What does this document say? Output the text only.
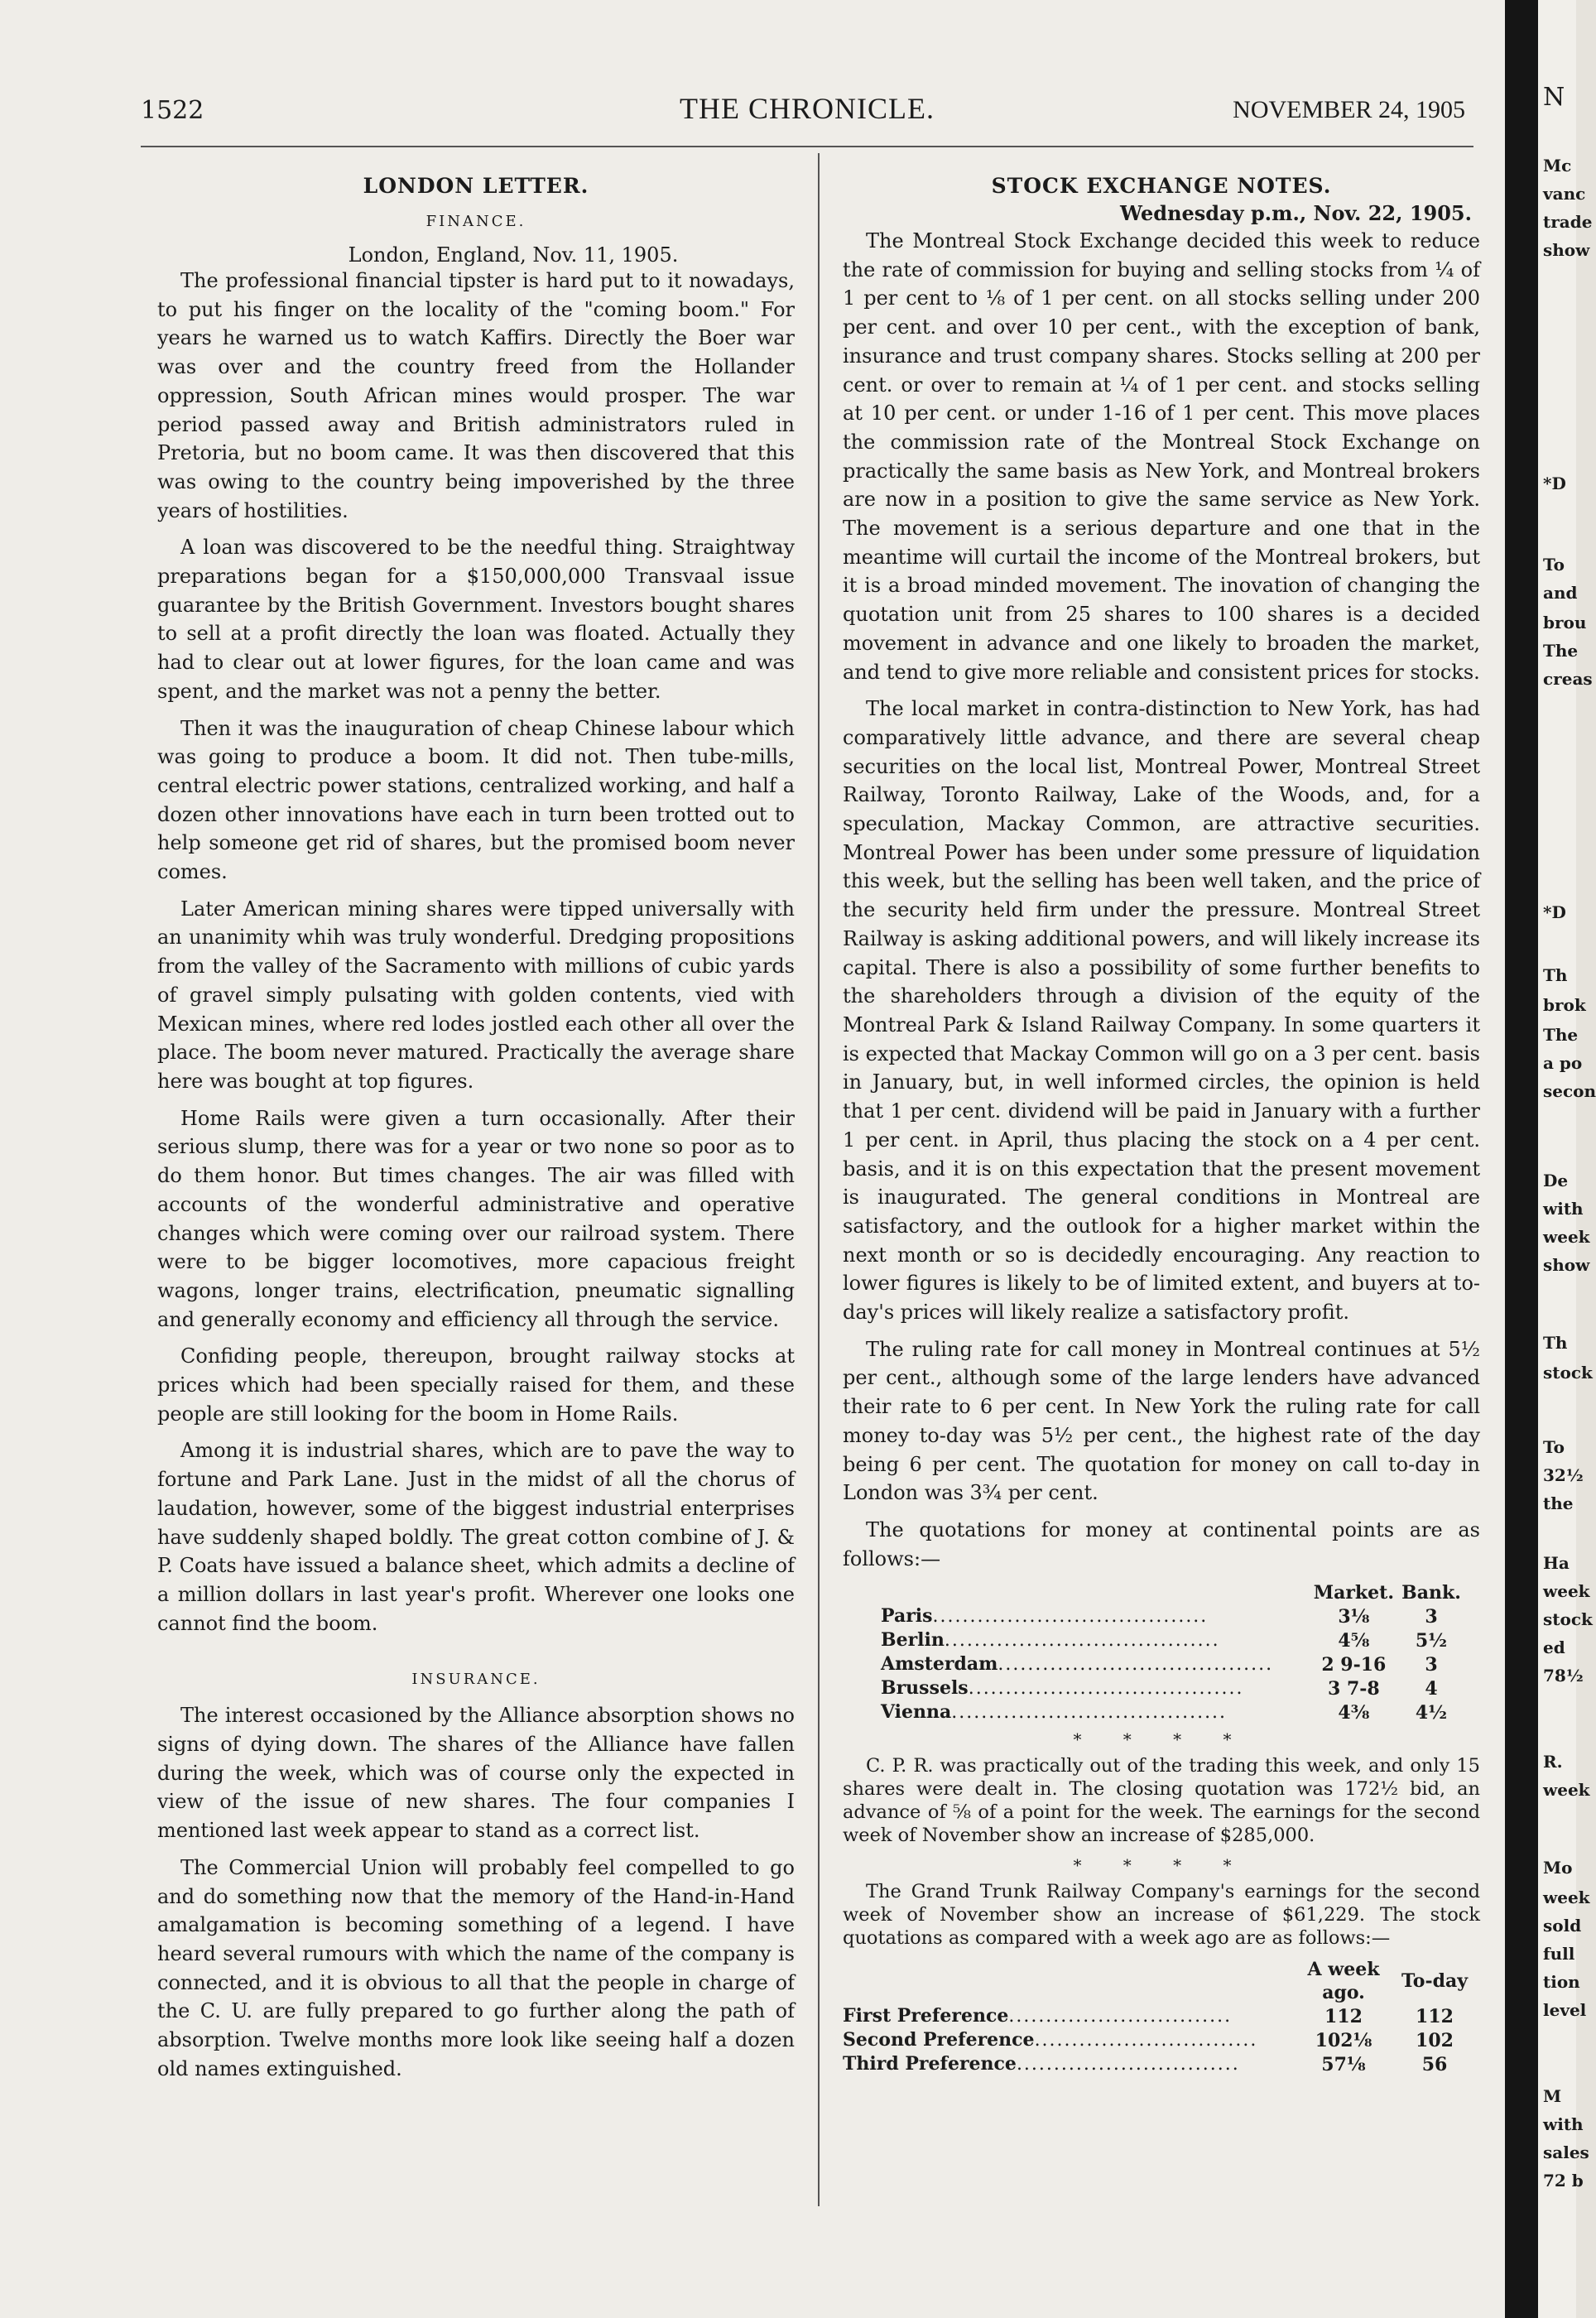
1522	THE CHRONICLE.	NOVEMBER 24, 1905
LONDON LETTER.
FINANCE.
London, England, Nov. 11, 1905.

The professional financial tipster is hard put to it nowadays, to put his finger on the locality of the "coming boom." For years he warned us to watch Kaffirs. Directly the Boer war was over and the country freed from the Hollander oppression, South African mines would prosper. The war period passed away and British administrators ruled in Pretoria, but no boom came. It was then discovered that this was owing to the country being impoverished by the three years of hostilities.

A loan was discovered to be the needful thing. Straightway preparations began for a $150,000,000 Transvaal issue guarantee by the British Government. Investors bought shares to sell at a profit directly the loan was floated. Actually they had to clear out at lower figures, for the loan came and was spent, and the market was not a penny the better.

Then it was the inauguration of cheap Chinese labour which was going to produce a boom. It did not. Then tube-mills, central electric power stations, centralized working, and half a dozen other innovations have each in turn been trotted out to help someone get rid of shares, but the promised boom never comes.

Later American mining shares were tipped universally with an unanimity whih was truly wonderful. Dredging propositions from the valley of the Sacramento with millions of cubic yards of gravel simply pulsating with golden contents, vied with Mexican mines, where red lodes jostled each other all over the place. The boom never matured. Practically the average share here was bought at top figures.

Home Rails were given a turn occasionally. After their serious slump, there was for a year or two none so poor as to do them honor. But times changes. The air was filled with accounts of the wonderful administrative and operative changes which were coming over our railroad system. There were to be bigger locomotives, more capacious freight wagons, longer trains, electrification, pneumatic signalling and generally economy and efficiency all through the service.

Confiding people, thereupon, brought railway stocks at prices which had been specially raised for them, and these people are still looking for the boom in Home Rails.

Among it is industrial shares, which are to pave the way to fortune and Park Lane. Just in the midst of all the chorus of laudation, however, some of the biggest industrial enterprises have suddenly shaped boldly. The great cotton combine of J. & P. Coats have issued a balance sheet, which admits a decline of a million dollars in last year's profit. Wherever one looks one cannot find the boom.

INSURANCE.

The interest occasioned by the Alliance absorption shows no signs of dying down. The shares of the Alliance have fallen during the week, which was of course only the expected in view of the issue of new shares. The four companies I mentioned last week appear to stand as a correct list.

The Commercial Union will probably feel compelled to go and do something now that the memory of the Hand-in-Hand amalgamation is becoming something of a legend. I have heard several rumours with which the name of the company is connected, and it is obvious to all that the people in charge of the C. U. are fully prepared to go further along the path of absorption. Twelve months more look like seeing half a dozen old names extinguished.

STOCK EXCHANGE NOTES.
Wednesday p.m., Nov. 22, 1905.

The Montreal Stock Exchange decided this week to reduce the rate of commission for buying and selling stocks from ¼ of 1 per cent to ⅛ of 1 per cent. on all stocks selling under 200 per cent. and over 10 per cent., with the exception of bank, insurance and trust company shares. Stocks selling at 200 per cent. or over to remain at ¼ of 1 per cent. and stocks selling at 10 per cent. or under 1-16 of 1 per cent. This move places the commission rate of the Montreal Stock Exchange on practically the same basis as New York, and Montreal brokers are now in a position to give the same service as New York. The movement is a serious departure and one that in the meantime will curtail the income of the Montreal brokers, but it is a broad minded movement. The inovation of changing the quotation unit from 25 shares to 100 shares is a decided movement in advance and one likely to broaden the market, and tend to give more reliable and consistent prices for stocks.

The local market in contra-distinction to New York, has had comparatively little advance, and there are several cheap securities on the local list, Montreal Power, Montreal Street Railway, Toronto Railway, Lake of the Woods, and, for a speculation, Mackay Common, are attractive securities. Montreal Power has been under some pressure of liquidation this week, but the selling has been well taken, and the price of the security held firm under the pressure. Montreal Street Railway is asking additional powers, and will likely increase its capital. There is also a possibility of some further benefits to the shareholders through a division of the equity of the Montreal Park & Island Railway Company. In some quarters it is expected that Mackay Common will go on a 3 per cent. basis in January, but, in well informed circles, the opinion is held that 1 per cent. dividend will be paid in January with a further 1 per cent. in April, thus placing the stock on a 4 per cent. basis, and it is on this expectation that the present movement is inaugurated. The general conditions in Montreal are satisfactory, and the outlook for a higher market within the next month or so is decidedly encouraging. Any reaction to lower figures is likely to be of limited extent, and buyers at to-day's prices will likely realize a satisfactory profit.

The ruling rate for call money in Montreal continues at 5½ per cent., although some of the large lenders have advanced their rate to 6 per cent. In New York the ruling rate for call money to-day was 5½ per cent., the highest rate of the day being 6 per cent. The quotation for money on call to-day in London was 3¾ per cent.

The quotations for money at continental points are as follows:—

	Market.	Bank.
Paris.....................................	3⅛	3
Berlin.....................................	4⅝	5½
Amsterdam.....................................	2 9-16	3
Brussels.....................................	3 7-8	4
Vienna.....................................	4⅜	4½
* * * *

C. P. R. was practically out of the trading this week, and only 15 shares were dealt in. The closing quotation was 172½ bid, an advance of ⅝ of a point for the week. The earnings for the second week of November show an increase of $285,000.

* * * *

The Grand Trunk Railway Company's earnings for the second week of November show an increase of $61,229. The stock quotations as compared with a week ago are as follows:—

	A week ago.	To-day
First Preference..............................	112	112
Second Preference..............................	102⅛	102
Third Preference..............................	57⅛	56
N
Mc
vanc
trade
show
*D
To
and
brou
The
creas
*D
Th
brok
The
a po
secon
De
with
week
show
Th
stock
To
32½
the
Ha
week
stock
ed
78½
R.
week
Mo
week
sold
full
tion
level
M
with
sales
72 b
